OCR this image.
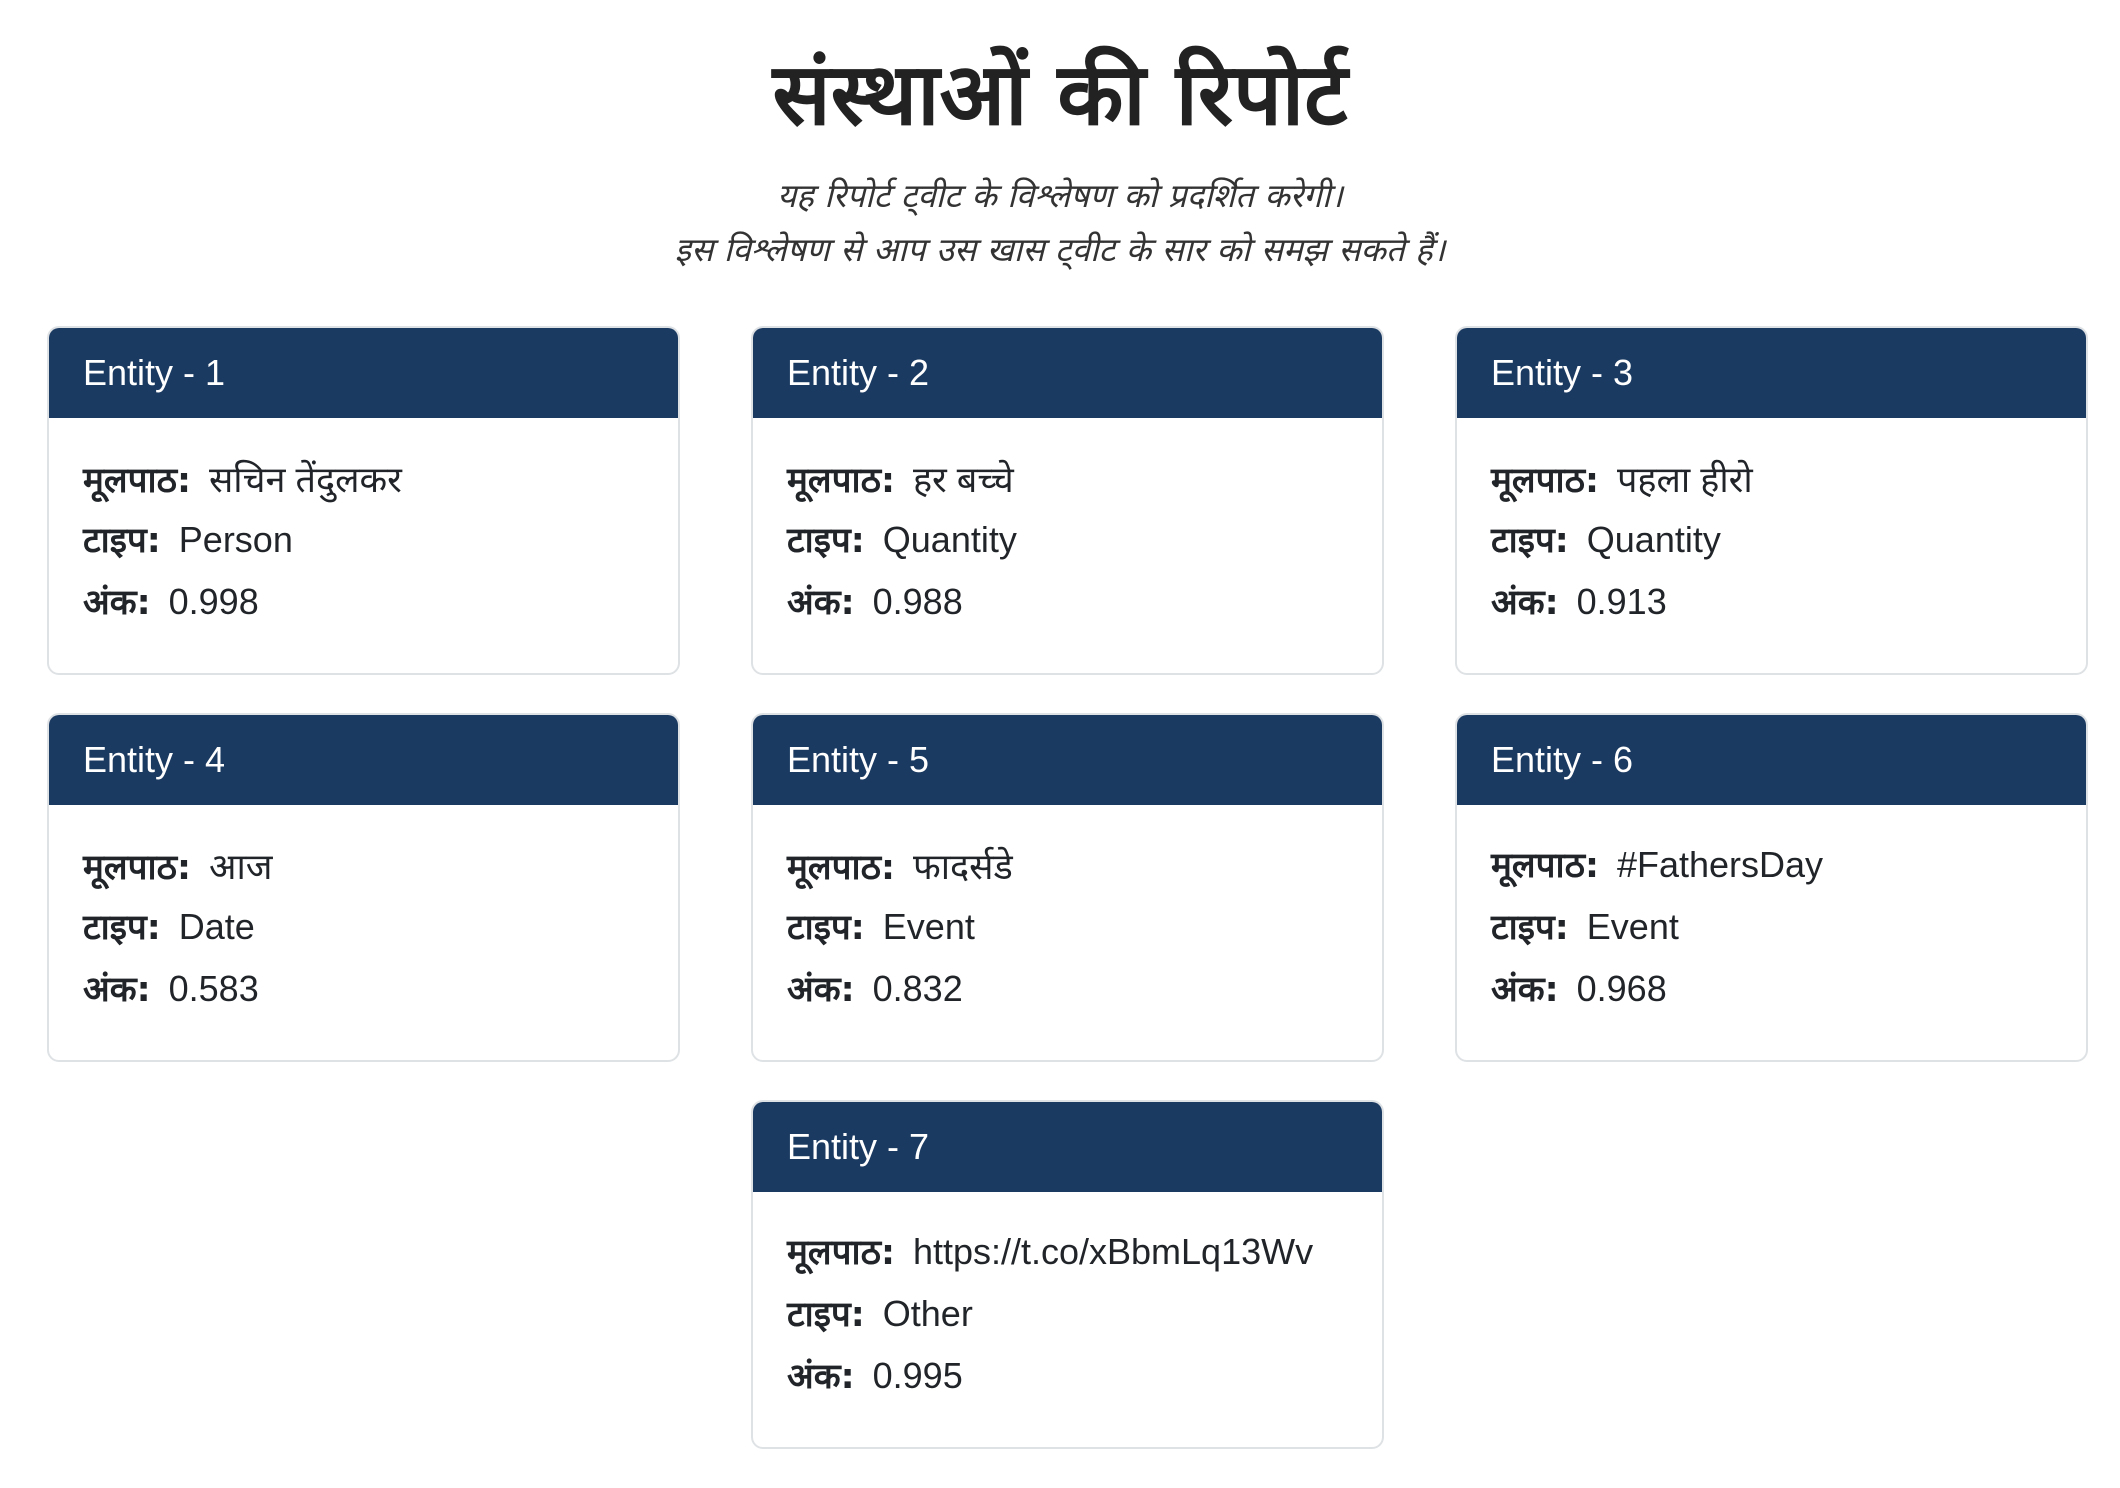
संस्थाओं की रिपोर्ट
यह रिपोर्ट ट्वीट के विश्लेषण को प्रदर्शित करेगी।
इस विश्लेषण से आप उस खास ट्वीट के सार को समझ सकते हैं।
Entity - 1
मूलपाठ: सचिन तेंदुलकर
टाइप: Person
अंक: 0.998
Entity - 2
मूलपाठ: हर बच्चे
टाइप: Quantity
अंक: 0.988
Entity - 3
मूलपाठ: पहला हीरो
टाइप: Quantity
अंक: 0.913
Entity - 4
मूलपाठ: आज
टाइप: Date
अंक: 0.583
Entity - 5
मूलपाठ: फादर्सडे
टाइप: Event
अंक: 0.832
Entity - 6
मूलपाठ: #FathersDay
टाइप: Event
अंक: 0.968
Entity - 7
मूलपाठ: https://t.co/xBbmLq13Wv
टाइप: Other
अंक: 0.995
